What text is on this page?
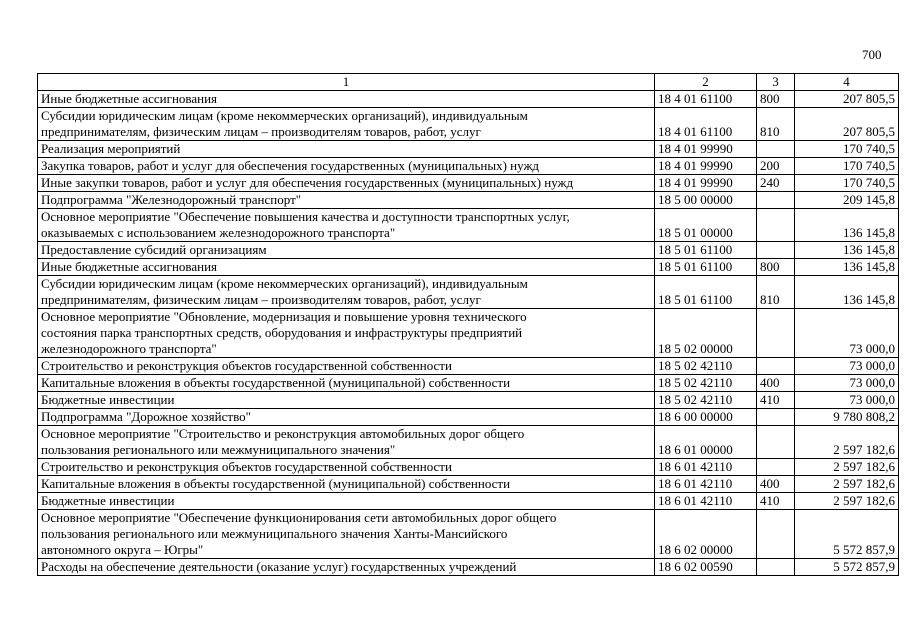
700
1	2	3	4

Иные бюджетные ассигнования	18 4 01 61100	800	207 805,5

Субсидии юридическим лицам (кроме некоммерческих организаций), индивидуальным
предпринимателям, физическим лицам – производителям товаров, работ, услуг	18 4 01 61100	810	207 805,5

Реализация мероприятий	18 4 01 99990		170 740,5

Закупка товаров, работ и услуг для обеспечения государственных (муниципальных) нужд	18 4 01 99990	200	170 740,5

Иные закупки товаров, работ и услуг для обеспечения государственных (муниципальных) нужд	18 4 01 99990	240	170 740,5

Подпрограмма "Железнодорожный транспорт"	18 5 00 00000		209 145,8

Основное мероприятие "Обеспечение повышения качества и доступности транспортных услуг,
оказываемых с использованием железнодорожного транспорта"	18 5 01 00000		136 145,8

Предоставление субсидий организациям	18 5 01 61100		136 145,8

Иные бюджетные ассигнования	18 5 01 61100	800	136 145,8

Субсидии юридическим лицам (кроме некоммерческих организаций), индивидуальным
предпринимателям, физическим лицам – производителям товаров, работ, услуг	18 5 01 61100	810	136 145,8

Основное мероприятие "Обновление, модернизация и повышение уровня технического
состояния парка транспортных средств, оборудования и инфраструктуры предприятий
железнодорожного транспорта"	18 5 02 00000		73 000,0

Строительство и реконструкция объектов государственной собственности	18 5 02 42110		73 000,0

Капитальные вложения в объекты государственной (муниципальной) собственности	18 5 02 42110	400	73 000,0

Бюджетные инвестиции	18 5 02 42110	410	73 000,0

Подпрограмма "Дорожное хозяйство"	18 6 00 00000		9 780 808,2

Основное мероприятие "Строительство и реконструкция автомобильных дорог общего
пользования регионального или межмуниципального значения"	18 6 01 00000		2 597 182,6

Строительство и реконструкция объектов государственной собственности	18 6 01 42110		2 597 182,6

Капитальные вложения в объекты государственной (муниципальной) собственности	18 6 01 42110	400	2 597 182,6

Бюджетные инвестиции	18 6 01 42110	410	2 597 182,6

Основное мероприятие "Обеспечение функционирования сети автомобильных дорог общего
пользования регионального или межмуниципального значения Ханты-Мансийского
автономного округа – Югры"	18 6 02 00000		5 572 857,9

Расходы на обеспечение деятельности (оказание услуг) государственных учреждений	18 6 02 00590		5 572 857,9
